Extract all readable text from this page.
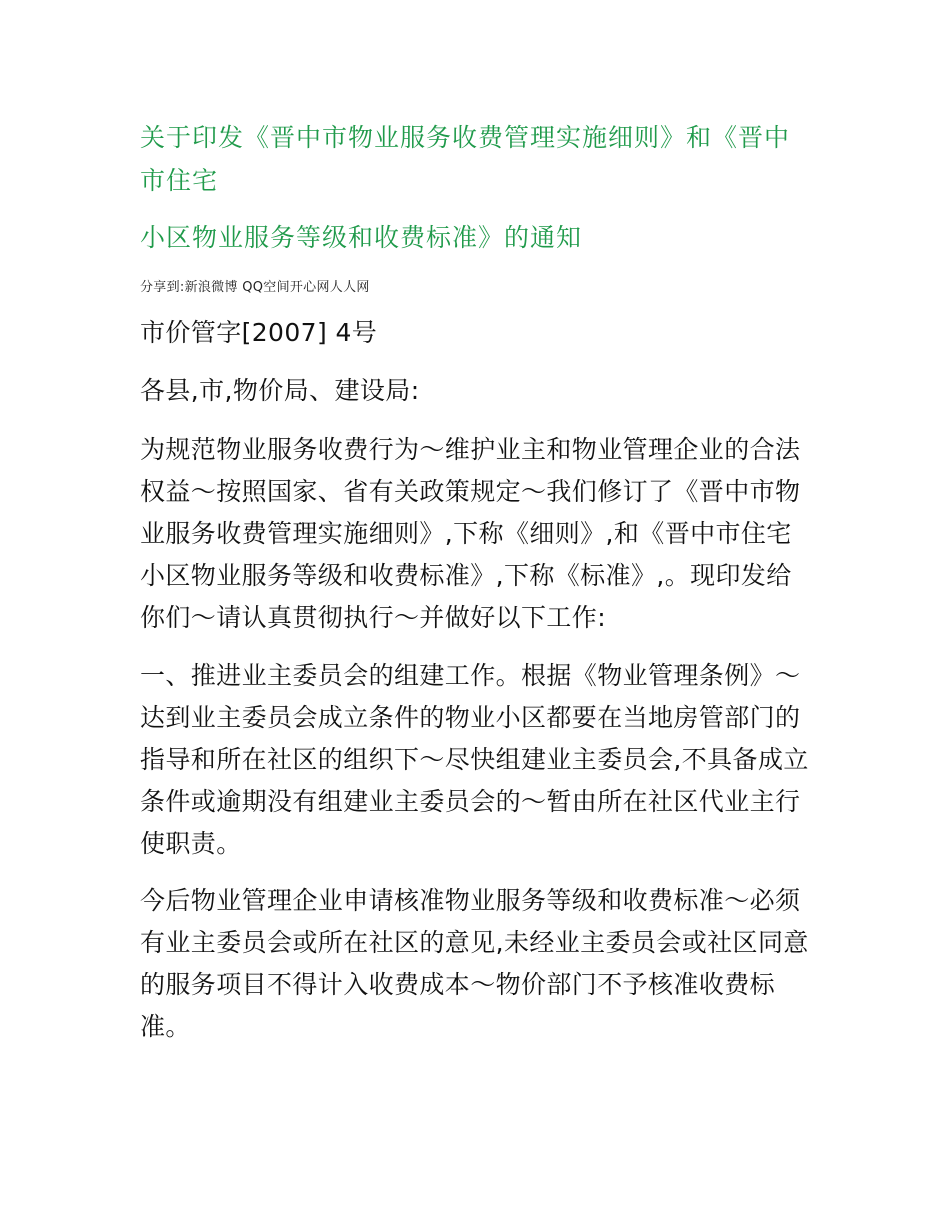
关于印发《晋中市物业服务收费管理实施细则》和《晋中市住宅
小区物业服务等级和收费标准》的通知
分享到:新浪微博 QQ空间开心网人人网

市价管字[2007] 4号

各县,市,物价局、建设局:

为规范物业服务收费行为～维护业主和物业管理企业的合法权益～按照国家、省有关政策规定～我们修订了《晋中市物业服务收费管理实施细则》,下称《细则》,和《晋中市住宅小区物业服务等级和收费标准》,下称《标准》,。现印发给你们～请认真贯彻执行～并做好以下工作:

一、推进业主委员会的组建工作。根据《物业管理条例》～达到业主委员会成立条件的物业小区都要在当地房管部门的指导和所在社区的组织下～尽快组建业主委员会,不具备成立条件或逾期没有组建业主委员会的～暂由所在社区代业主行使职责。

今后物业管理企业申请核准物业服务等级和收费标准～必须有业主委员会或所在社区的意见,未经业主委员会或社区同意的服务项目不得计入收费成本～物价部门不予核准收费标准。
